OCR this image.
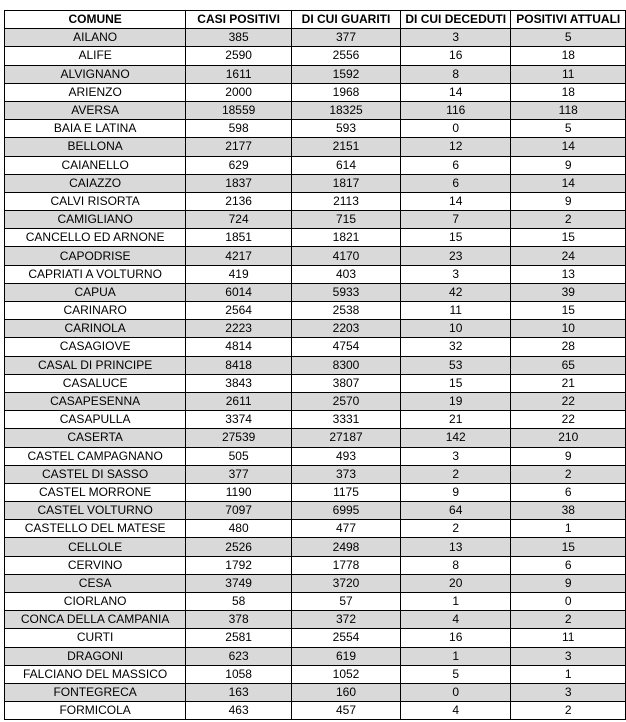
COMUNE	CASI POSITIVI	DI CUI GUARITI	DI CUI DECEDUTI	POSITIVI ATTUALI
AILANO	385	377	3	5
ALIFE	2590	2556	16	18
ALVIGNANO	1611	1592	8	11
ARIENZO	2000	1968	14	18
AVERSA	18559	18325	116	118
BAIA E LATINA	598	593	0	5
BELLONA	2177	2151	12	14
CAIANELLO	629	614	6	9
CAIAZZO	1837	1817	6	14
CALVI RISORTA	2136	2113	14	9
CAMIGLIANO	724	715	7	2
CANCELLO ED ARNONE	1851	1821	15	15
CAPODRISE	4217	4170	23	24
CAPRIATI A VOLTURNO	419	403	3	13
CAPUA	6014	5933	42	39
CARINARO	2564	2538	11	15
CARINOLA	2223	2203	10	10
CASAGIOVE	4814	4754	32	28
CASAL DI PRINCIPE	8418	8300	53	65
CASALUCE	3843	3807	15	21
CASAPESENNA	2611	2570	19	22
CASAPULLA	3374	3331	21	22
CASERTA	27539	27187	142	210
CASTEL CAMPAGNANO	505	493	3	9
CASTEL DI SASSO	377	373	2	2
CASTEL MORRONE	1190	1175	9	6
CASTEL VOLTURNO	7097	6995	64	38
CASTELLO DEL MATESE	480	477	2	1
CELLOLE	2526	2498	13	15
CERVINO	1792	1778	8	6
CESA	3749	3720	20	9
CIORLANO	58	57	1	0
CONCA DELLA CAMPANIA	378	372	4	2
CURTI	2581	2554	16	11
DRAGONI	623	619	1	3
FALCIANO DEL MASSICO	1058	1052	5	1
FONTEGRECA	163	160	0	3
FORMICOLA	463	457	4	2
